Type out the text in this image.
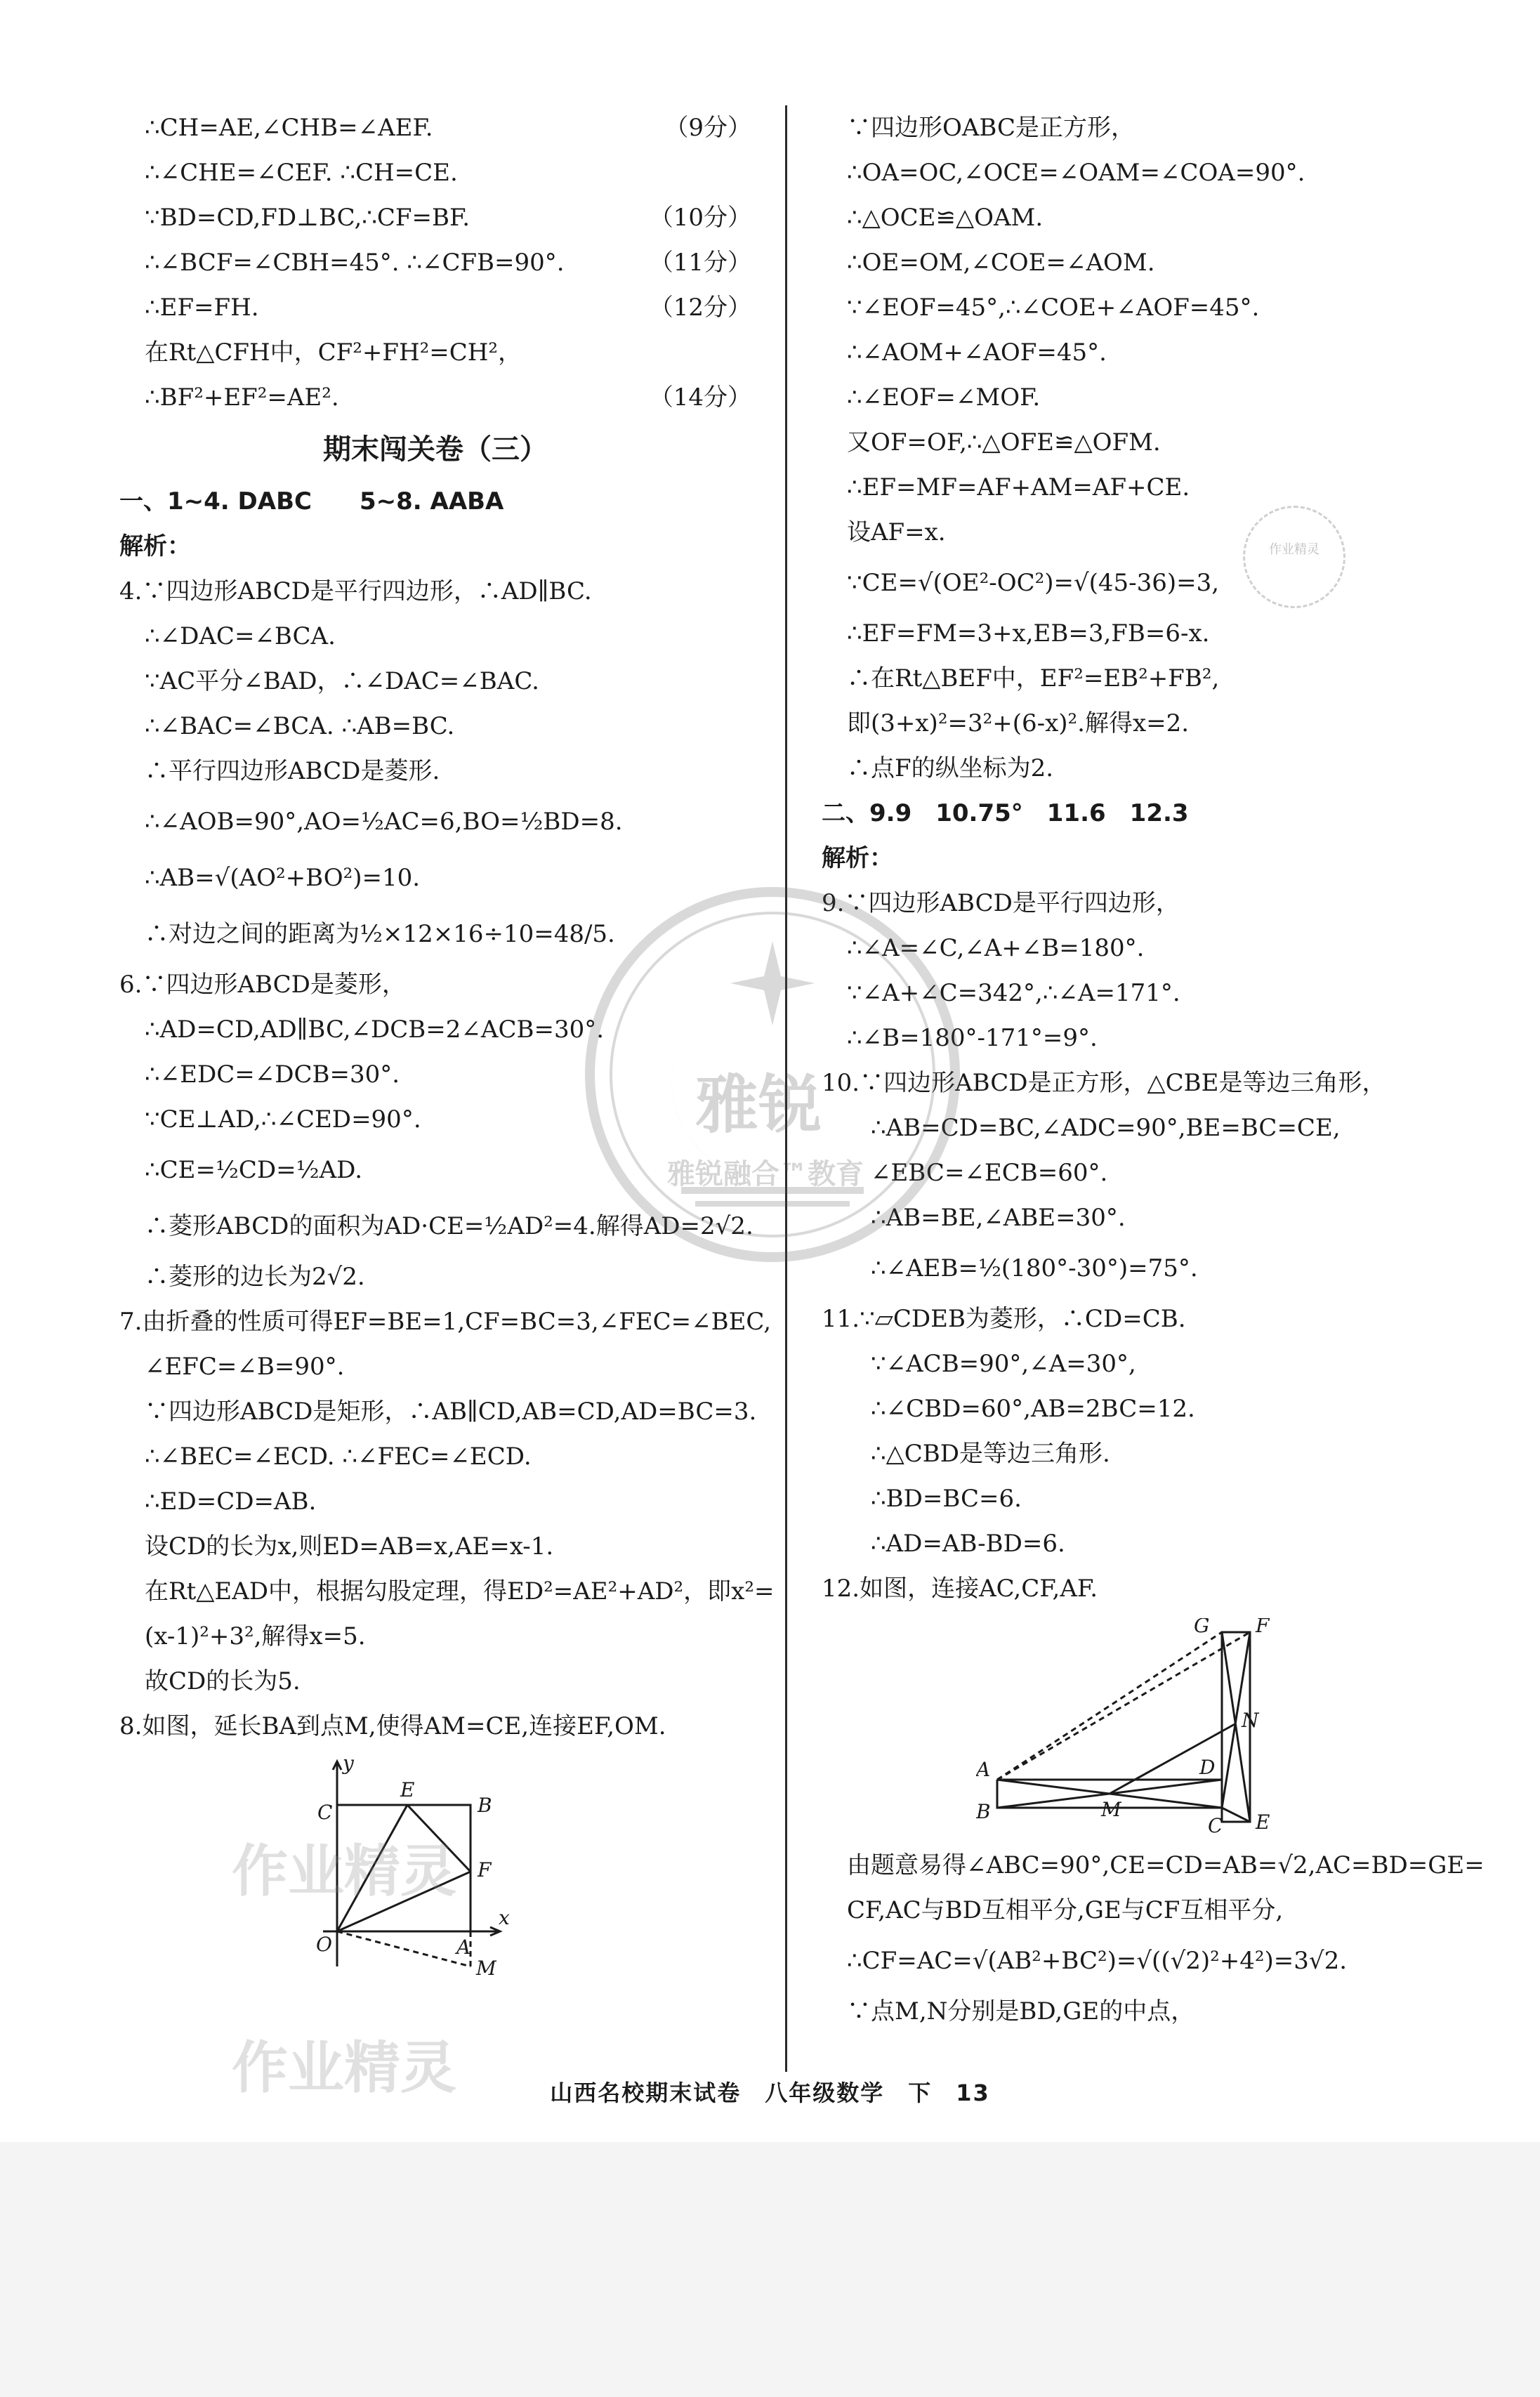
∴CH=AE,∠CHB=∠AEF.	（9分）
∴∠CHE=∠CEF. ∴CH=CE.
∵BD=CD,FD⊥BC,∴CF=BF.	（10分）
∴∠BCF=∠CBH=45°. ∴∠CFB=90°.	（11分）
∴EF=FH.	（12分）
在Rt△CFH中，CF²+FH²=CH²，
∴BF²+EF²=AE².	（14分）
期末闯关卷（三）
一、1~4. DABC　　5~8. AABA
解析：
4.∵四边形ABCD是平行四边形，∴AD∥BC.
∴∠DAC=∠BCA.
∵AC平分∠BAD，∴∠DAC=∠BAC.
∴∠BAC=∠BCA. ∴AB=BC.
∴平行四边形ABCD是菱形.
∴∠AOB=90°,AO=½AC=6,BO=½BD=8.
∴AB=√(AO²+BO²)=10.
∴对边之间的距离为½×12×16÷10=48/5.
6.∵四边形ABCD是菱形，
∴AD=CD,AD∥BC,∠DCB=2∠ACB=30°.
∴∠EDC=∠DCB=30°.
∵CE⊥AD,∴∠CED=90°.
∴CE=½CD=½AD.
∴菱形ABCD的面积为AD·CE=½AD²=4.解得AD=2√2.
∴菱形的边长为2√2.
7.由折叠的性质可得EF=BE=1,CF=BC=3,∠FEC=∠BEC,
∠EFC=∠B=90°.
∵四边形ABCD是矩形，∴AB∥CD,AB=CD,AD=BC=3.
∴∠BEC=∠ECD. ∴∠FEC=∠ECD.
∴ED=CD=AB.
设CD的长为x,则ED=AB=x,AE=x-1.
在Rt△EAD中，根据勾股定理，得ED²=AE²+AD²，即x²=
(x-1)²+3²,解得x=5.
故CD的长为5.
8.如图，延长BA到点M,使得AM=CE,连接EF,OM.
y
x
O	A
B
C
E
F
M
∵四边形OABC是正方形，
∴OA=OC,∠OCE=∠OAM=∠COA=90°.
∴△OCE≌△OAM.
∴OE=OM,∠COE=∠AOM.
∵∠EOF=45°,∴∠COE+∠AOF=45°.
∴∠AOM+∠AOF=45°.
∴∠EOF=∠MOF.
又OF=OF,∴△OFE≌△OFM.
∴EF=MF=AF+AM=AF+CE.
设AF=x.
∵CE=√(OE²-OC²)=√(45-36)=3,
∴EF=FM=3+x,EB=3,FB=6-x.
∴在Rt△BEF中，EF²=EB²+FB²,
即(3+x)²=3²+(6-x)².解得x=2.
∴点F的纵坐标为2.
二、9.9　10.75°　11.6　12.3
解析：
9.∵四边形ABCD是平行四边形，
∴∠A=∠C,∠A+∠B=180°.
∵∠A+∠C=342°,∴∠A=171°.
∴∠B=180°-171°=9°.
10.∵四边形ABCD是正方形，△CBE是等边三角形，
∴AB=CD=BC,∠ADC=90°,BE=BC=CE,
∠EBC=∠ECB=60°.
∴AB=BE,∠ABE=30°.
∴∠AEB=½(180°-30°)=75°.
11.∵▱CDEB为菱形，∴CD=CB.
∵∠ACB=90°,∠A=30°,
∴∠CBD=60°,AB=2BC=12.
∴△CBD是等边三角形.
∴BD=BC=6.
∴AD=AB-BD=6.
12.如图，连接AC,CF,AF.
G F
N
A	D
B	M
C E
由题意易得∠ABC=90°,CE=CD=AB=√2,AC=BD=GE=
CF,AC与BD互相平分,GE与CF互相平分,
∴CF=AC=√(AB²+BC²)=√((√2)²+4²)=3√2.
∵点M,N分别是BD,GE的中点，
山西名校期末试卷　八年级数学　下　13
雅锐
雅锐融合™教育
作业精灵
作业精灵
作业精灵
